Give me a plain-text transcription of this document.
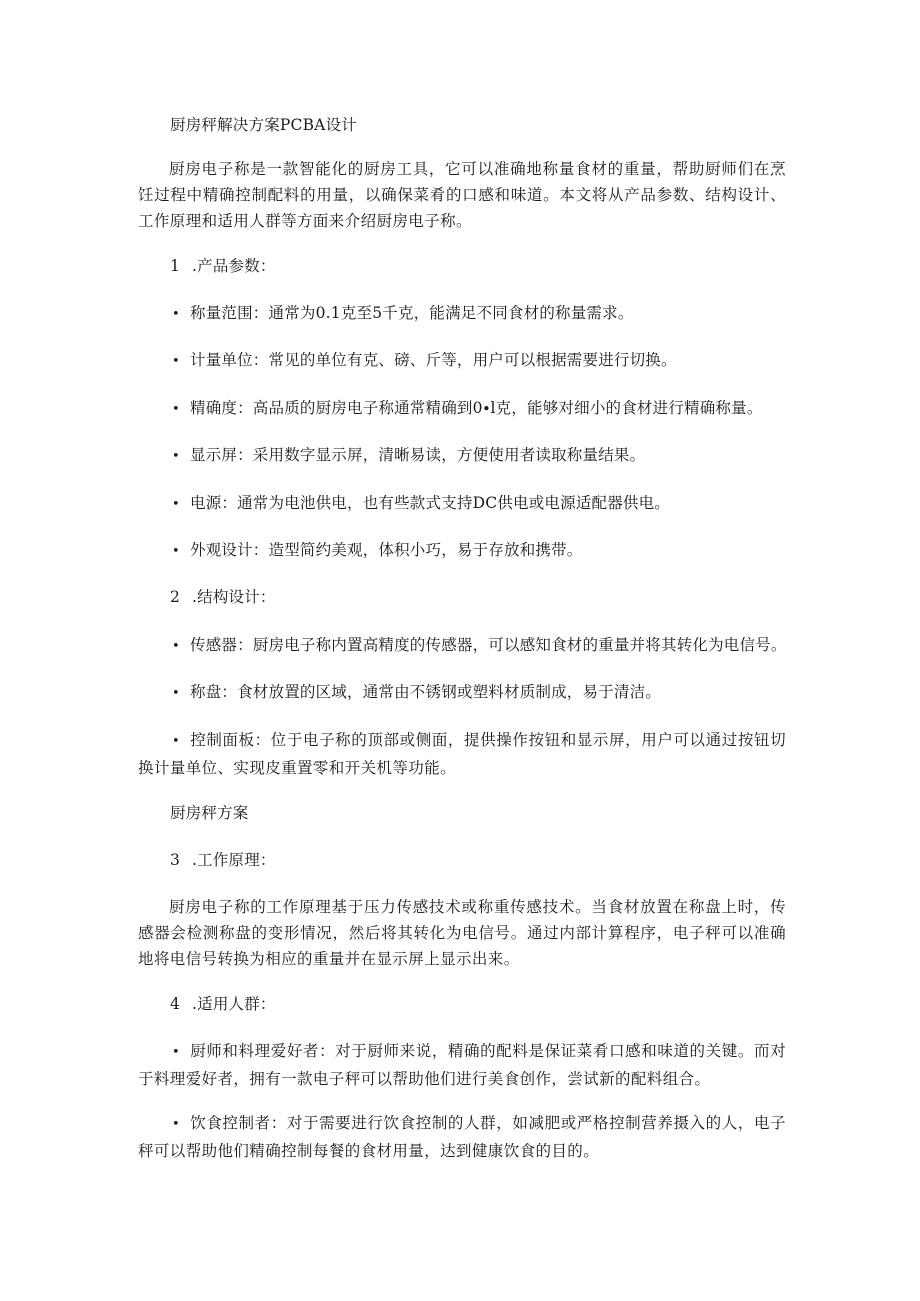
厨房秤解决方案PCBA设计
厨房电子称是一款智能化的厨房工具，它可以准确地称量食材的重量，帮助厨师们在烹饪过程中精确控制配料的用量，以确保菜肴的口感和味道。本文将从产品参数、结构设计、工作原理和适用人群等方面来介绍厨房电子称。
1 .产品参数：
• 称量范围：通常为0.1克至5千克，能满足不同食材的称量需求。
• 计量单位：常见的单位有克、磅、斤等，用户可以根据需要进行切换。
• 精确度：高品质的厨房电子称通常精确到0∙l克，能够对细小的食材进行精确称量。
• 显示屏：采用数字显示屏，清晰易读，方便使用者读取称量结果。
• 电源：通常为电池供电，也有些款式支持DC供电或电源适配器供电。
• 外观设计：造型简约美观，体积小巧，易于存放和携带。
2 .结构设计：
• 传感器：厨房电子称内置高精度的传感器，可以感知食材的重量并将其转化为电信号。
• 称盘：食材放置的区域，通常由不锈钢或塑料材质制成，易于清洁。
• 控制面板：位于电子称的顶部或侧面，提供操作按钮和显示屏，用户可以通过按钮切换计量单位、实现皮重置零和开关机等功能。
厨房秤方案
3 .工作原理：
厨房电子称的工作原理基于压力传感技术或称重传感技术。当食材放置在称盘上时，传感器会检测称盘的变形情况，然后将其转化为电信号。通过内部计算程序，电子秤可以准确地将电信号转换为相应的重量并在显示屏上显示出来。
4 .适用人群：
• 厨师和料理爱好者：对于厨师来说，精确的配料是保证菜肴口感和味道的关键。而对于料理爱好者，拥有一款电子秤可以帮助他们进行美食创作，尝试新的配料组合。
• 饮食控制者：对于需要进行饮食控制的人群，如减肥或严格控制营养摄入的人，电子秤可以帮助他们精确控制每餐的食材用量，达到健康饮食的目的。
